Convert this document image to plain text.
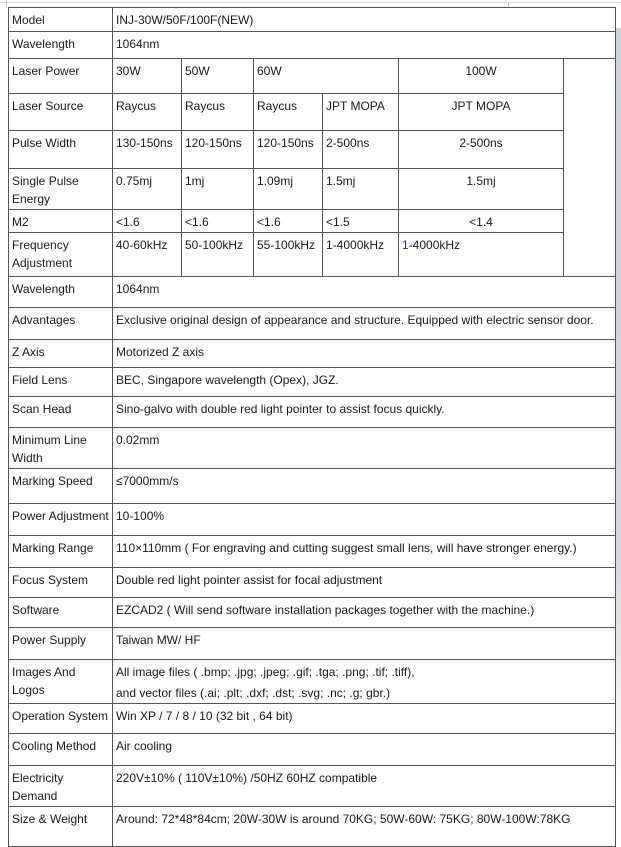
Model	INJ-30W/50F/100F(NEW)					
Wavelength	1064nm					
Laser Power	30W	50W	60W		100W	
Laser Source	Raycus	Raycus	Raycus	JPT MOPA	JPT MOPA	
Pulse Width	130-150ns	120-150ns	120-150ns	2-500ns	2-500ns	
Single Pulse Energy	0.75mj	1mj	1.09mj	1.5mj	1.5mj	
M2	<1.6	<1.6	<1.6	<1.5	<1.4	
Frequency Adjustment	40-60kHz	50-100kHz	55-100kHz	1-4000kHz	1-4000kHz	
Wavelength	1064nm					
Advantages	Exclusive original design of appearance and structure. Equipped with electric sensor door.					
Z Axis	Motorized Z axis					
Field Lens	BEC, Singapore wavelength (Opex), JGZ.					
Scan Head	Sino-galvo with double red light pointer to assist focus quickly.					
Minimum Line Width	0.02mm					
Marking Speed	≤7000mm/s					
Power Adjustment	10-100%					
Marking Range	110×110mm ( For engraving and cutting suggest small lens, will have stronger energy.)					
Focus System	Double red light pointer assist for focal adjustment					
Software	EZCAD2 ( Will send software installation packages together with the machine.)					
Power Supply	Taiwan MW/ HF					
Images And Logos	All image files ( .bmp; .jpg; .jpeg; .gif; .tga; .png; .tif; .tiff),
and vector files (.ai; .plt; .dxf; .dst; .svg; .nc; .g; gbr.)					

Operation System	Win XP / 7 / 8 / 10 (32 bit , 64 bit)					
Cooling Method	Air cooling					
Electricity Demand	220V±10% ( 110V±10%) /50HZ 60HZ compatible					
Size & Weight	Around: 72*48*84cm; 20W-30W is around 70KG; 50W-60W: 75KG; 80W-100W:78KG					
